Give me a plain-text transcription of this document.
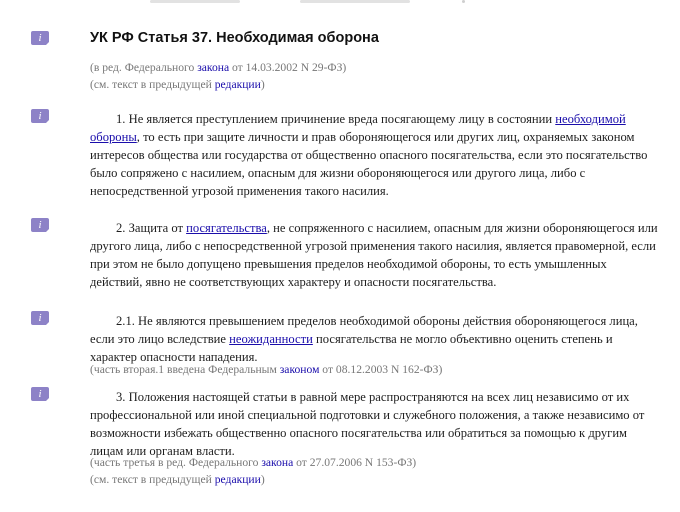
i	УК РФ Статья 37. Необходимая оборона
(в ред. Федерального закона от 14.03.2002 N 29-ФЗ)
(см. текст в предыдущей редакции)
i	1. Не является преступлением причинение вреда посягающему лицу в состоянии необходимой обороны, то есть при защите личности и прав обороняющегося или других лиц, охраняемых законом интересов общества или государства от общественно опасного посягательства, если это посягательство было сопряжено с насилием, опасным для жизни обороняющегося или другого лица, либо с непосредственной угрозой применения такого насилия.

i	2. Защита от посягательства, не сопряженного с насилием, опасным для жизни обороняющегося или другого лица, либо с непосредственной угрозой применения такого насилия, является правомерной, если при этом не было допущено превышения пределов необходимой обороны, то есть умышленных действий, явно не соответствующих характеру и опасности посягательства.

i	2.1. Не являются превышением пределов необходимой обороны действия обороняющегося лица, если это лицо вследствие неожиданности посягательства не могло объективно оценить степень и характер опасности нападения.

(часть вторая.1 введена Федеральным законом от 08.12.2003 N 162-ФЗ)
i	3. Положения настоящей статьи в равной мере распространяются на всех лиц независимо от их профессиональной или иной специальной подготовки и служебного положения, а также независимо от возможности избежать общественно опасного посягательства или обратиться за помощью к другим лицам или органам власти.

(часть третья в ред. Федерального закона от 27.07.2006 N 153-ФЗ)
(см. текст в предыдущей редакции)
